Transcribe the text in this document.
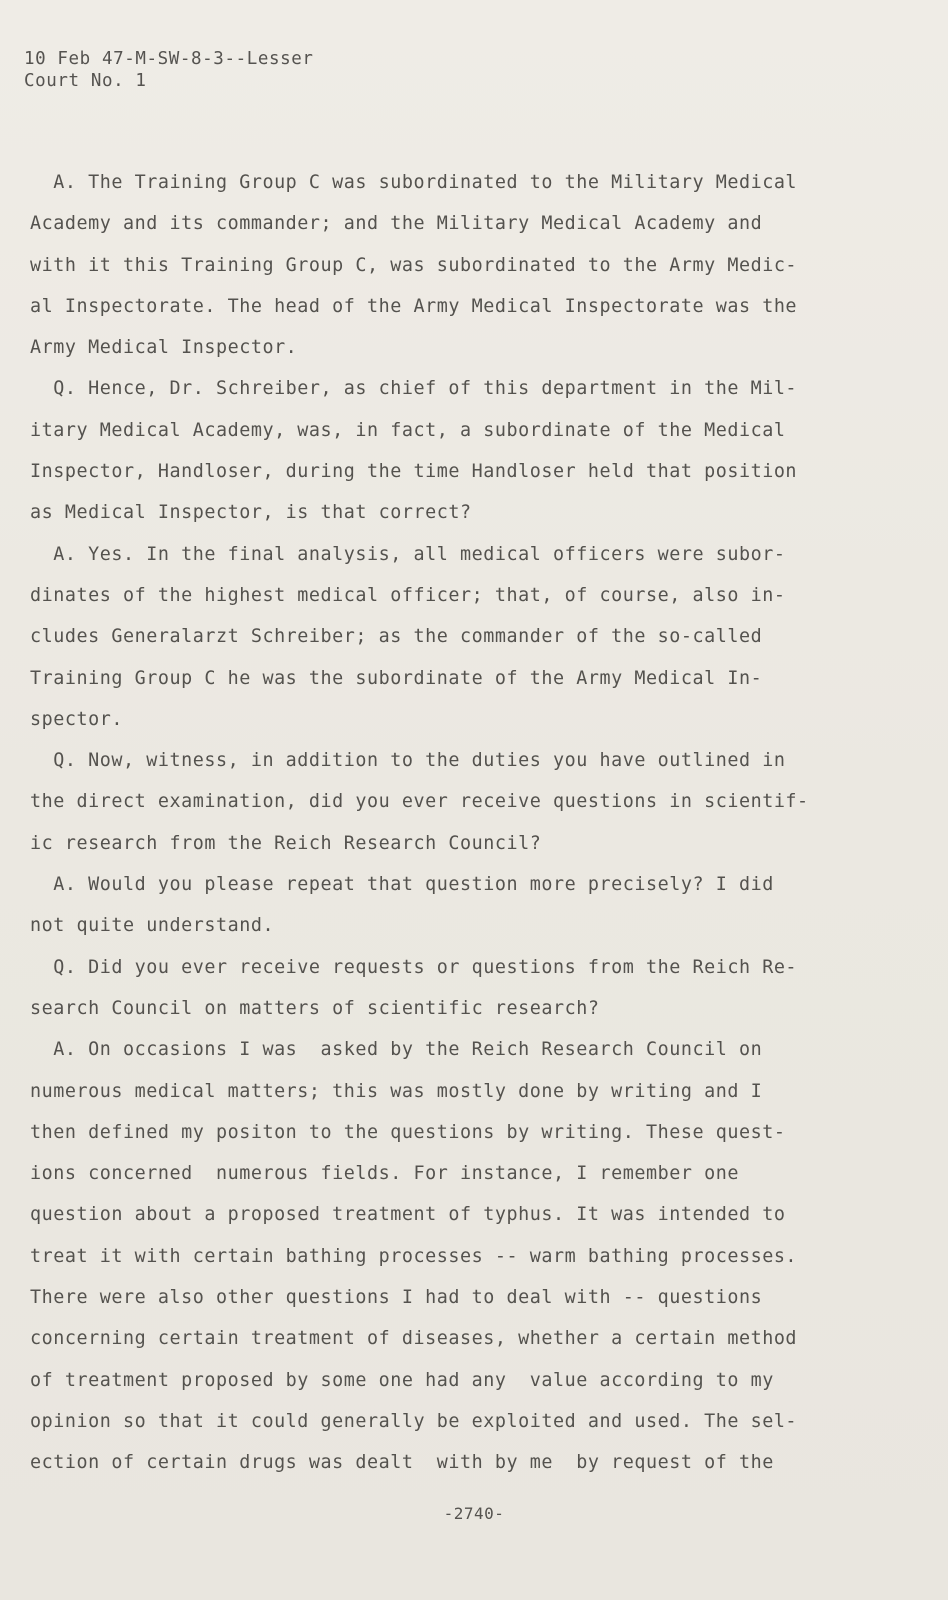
10 Feb 47-M-SW-8-3--Lesser
Court No. 1
A. The Training Group C was subordinated to the Military Medical
Academy and its commander; and the Military Medical Academy and
with it this Training Group C, was subordinated to the Army Medic-
al Inspectorate. The head of the Army Medical Inspectorate was the
Army Medical Inspector.
Q. Hence, Dr. Schreiber, as chief of this department in the Mil-
itary Medical Academy, was, in fact, a subordinate of the Medical
Inspector, Handloser, during the time Handloser held that position
as Medical Inspector, is that correct?
A. Yes. In the final analysis, all medical officers were subor-
dinates of the highest medical officer; that, of course, also in-
cludes Generalarzt Schreiber; as the commander of the so-called
Training Group C he was the subordinate of the Army Medical In-
spector.
Q. Now, witness, in addition to the duties you have outlined in
the direct examination, did you ever receive questions in scientif-
ic research from the Reich Research Council?
A. Would you please repeat that question more precisely? I did
not quite understand.
Q. Did you ever receive requests or questions from the Reich Re-
search Council on matters of scientific research?
A. On occasions I was  asked by the Reich Research Council on
numerous medical matters; this was mostly done by writing and I
then defined my positon to the questions by writing. These quest-
ions concerned  numerous fields. For instance, I remember one
question about a proposed treatment of typhus. It was intended to
treat it with certain bathing processes -- warm bathing processes.
There were also other questions I had to deal with -- questions
concerning certain treatment of diseases, whether a certain method
of treatment proposed by some one had any  value according to my
opinion so that it could generally be exploited and used. The sel-
ection of certain drugs was dealt  with by me  by request of the
-2740-
